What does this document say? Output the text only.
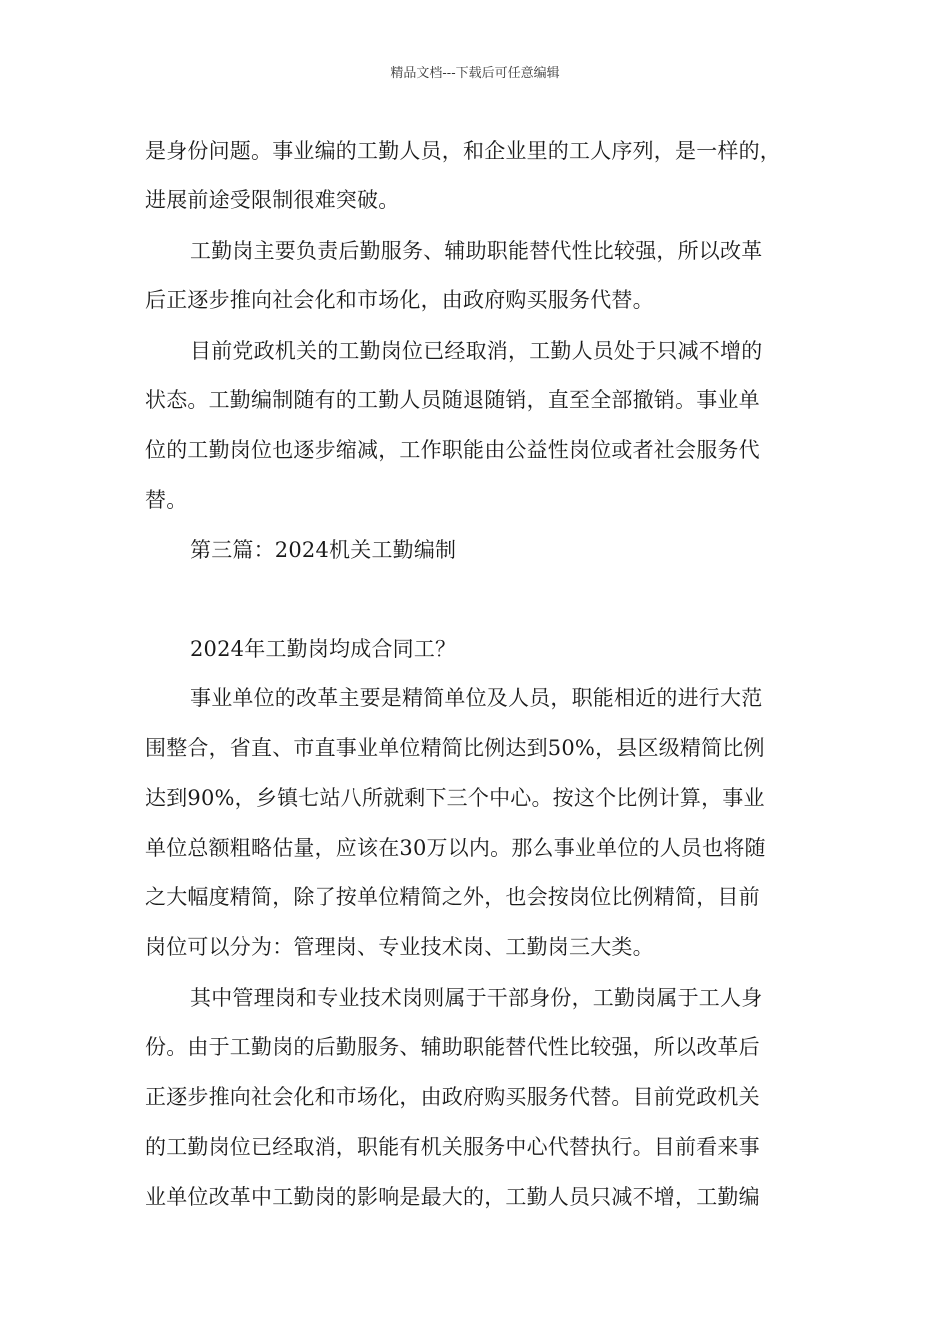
精品文档---下载后可任意编辑
是身份问题。事业编的工勤人员，和企业里的工人序列，是一样的，
进展前途受限制很难突破。
工勤岗主要负责后勤服务、辅助职能替代性比较强，所以改革
后正逐步推向社会化和市场化，由政府购买服务代替。
目前党政机关的工勤岗位已经取消，工勤人员处于只减不增的
状态。工勤编制随有的工勤人员随退随销，直至全部撤销。事业单
位的工勤岗位也逐步缩减，工作职能由公益性岗位或者社会服务代
替。
第三篇：2024机关工勤编制
2024年工勤岗均成合同工？
事业单位的改革主要是精简单位及人员，职能相近的进行大范
围整合，省直、市直事业单位精简比例达到50%，县区级精简比例
达到90%，乡镇七站八所就剩下三个中心。按这个比例计算，事业
单位总额粗略估量，应该在30万以内。那么事业单位的人员也将随
之大幅度精简，除了按单位精简之外，也会按岗位比例精简，目前
岗位可以分为：管理岗、专业技术岗、工勤岗三大类。
其中管理岗和专业技术岗则属于干部身份，工勤岗属于工人身
份。由于工勤岗的后勤服务、辅助职能替代性比较强，所以改革后
正逐步推向社会化和市场化，由政府购买服务代替。目前党政机关
的工勤岗位已经取消，职能有机关服务中心代替执行。目前看来事
业单位改革中工勤岗的影响是最大的，工勤人员只减不增，工勤编
